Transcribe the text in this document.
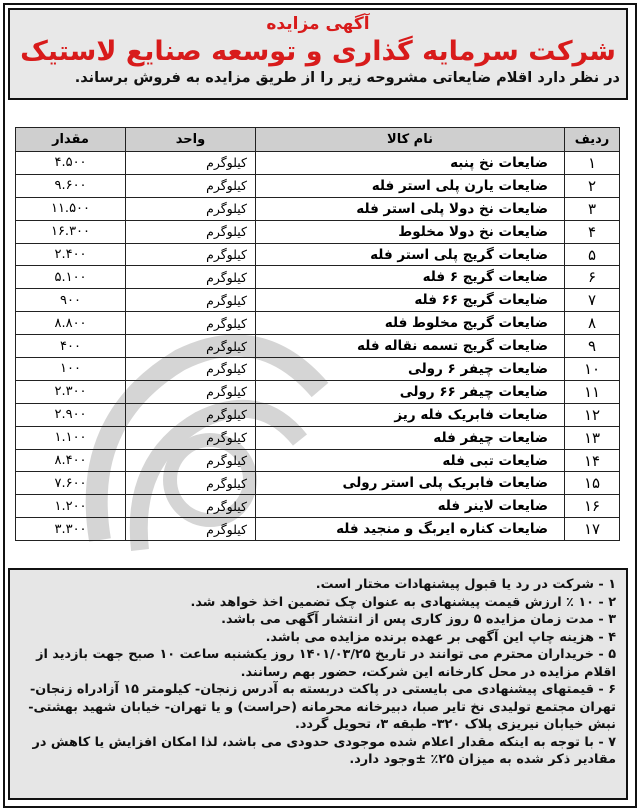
آگهی مزایده
شرکت سرمایه گذاری و توسعه صنایع لاستیک
در نظر دارد اقلام ضایعاتی مشروحه زیر را از طریق مزایده به فروش برساند.
ردیف	نام کالا	واحد	مقدار
۱	ضایعات نخ پنبه	کیلوگرم	۴.۵۰۰
۲	ضایعات یارن پلی استر فله	کیلوگرم	۹.۶۰۰
۳	ضایعات نخ دولا پلی استر فله	کیلوگرم	۱۱.۵۰۰
۴	ضایعات نخ دولا مخلوط	کیلوگرم	۱۶.۳۰۰
۵	ضایعات گریج پلی استر فله	کیلوگرم	۲.۴۰۰
۶	ضایعات گریج ۶ فله	کیلوگرم	۵.۱۰۰
۷	ضایعات گریج ۶۶ فله	کیلوگرم	۹۰۰
۸	ضایعات گریج مخلوط فله	کیلوگرم	۸.۸۰۰
۹	ضایعات گریج تسمه نقاله فله	کیلوگرم	۴۰۰
۱۰	ضایعات چیفر ۶ رولی	کیلوگرم	۱۰۰
۱۱	ضایعات چیفر ۶۶ رولی	کیلوگرم	۲.۳۰۰
۱۲	ضایعات فابریک فله ریز	کیلوگرم	۲.۹۰۰
۱۳	ضایعات چیفر فله	کیلوگرم	۱.۱۰۰
۱۴	ضایعات تبی فله	کیلوگرم	۸.۴۰۰
۱۵	ضایعات فابریک پلی استر رولی	کیلوگرم	۷.۶۰۰
۱۶	ضایعات لاینر فله	کیلوگرم	۱.۲۰۰
۱۷	ضایعات کناره ایربگ و منجید فله	کیلوگرم	۳.۳۰۰

۱ - شرکت در رد یا قبول پیشنهادات مختار است.

۲ - ۱۰ ٪ ارزش قیمت پیشنهادی به عنوان چک تضمین اخذ خواهد شد.

۳ - مدت زمان مزایده ۵ روز کاری پس از انتشار آگهی می باشد.

۴ - هزینه چاپ این آگهی بر عهده برنده مزایده می باشد.

۵ - خریداران محترم می توانند در تاریخ ۱۴۰۱/۰۳/۲۵ روز یکشنبه ساعت ۱۰ صبح جهت بازدید از اقلام مزایده در محل کارخانه این شرکت، حضور بهم رسانند.

۶ - قیمتهای پیشنهادی می بایستی در پاکت دربسته به آدرس زنجان- کیلومتر ۱۵ آزادراه زنجان- تهران مجتمع تولیدی نخ تایر صبا، دبیرخانه محرمانه (حراست) و یا تهران- خیابان شهید بهشتی- نبش خیابان نیریزی پلاک ۳۲۰- طبقه ۳، تحویل گردد.

۷ - با توجه به اینکه مقدار اعلام شده موجودی حدودی می باشد، لذا امکان افزایش یا کاهش در مقادیر ذکر شده به میزان ۲۵٪ ±وجود دارد.
